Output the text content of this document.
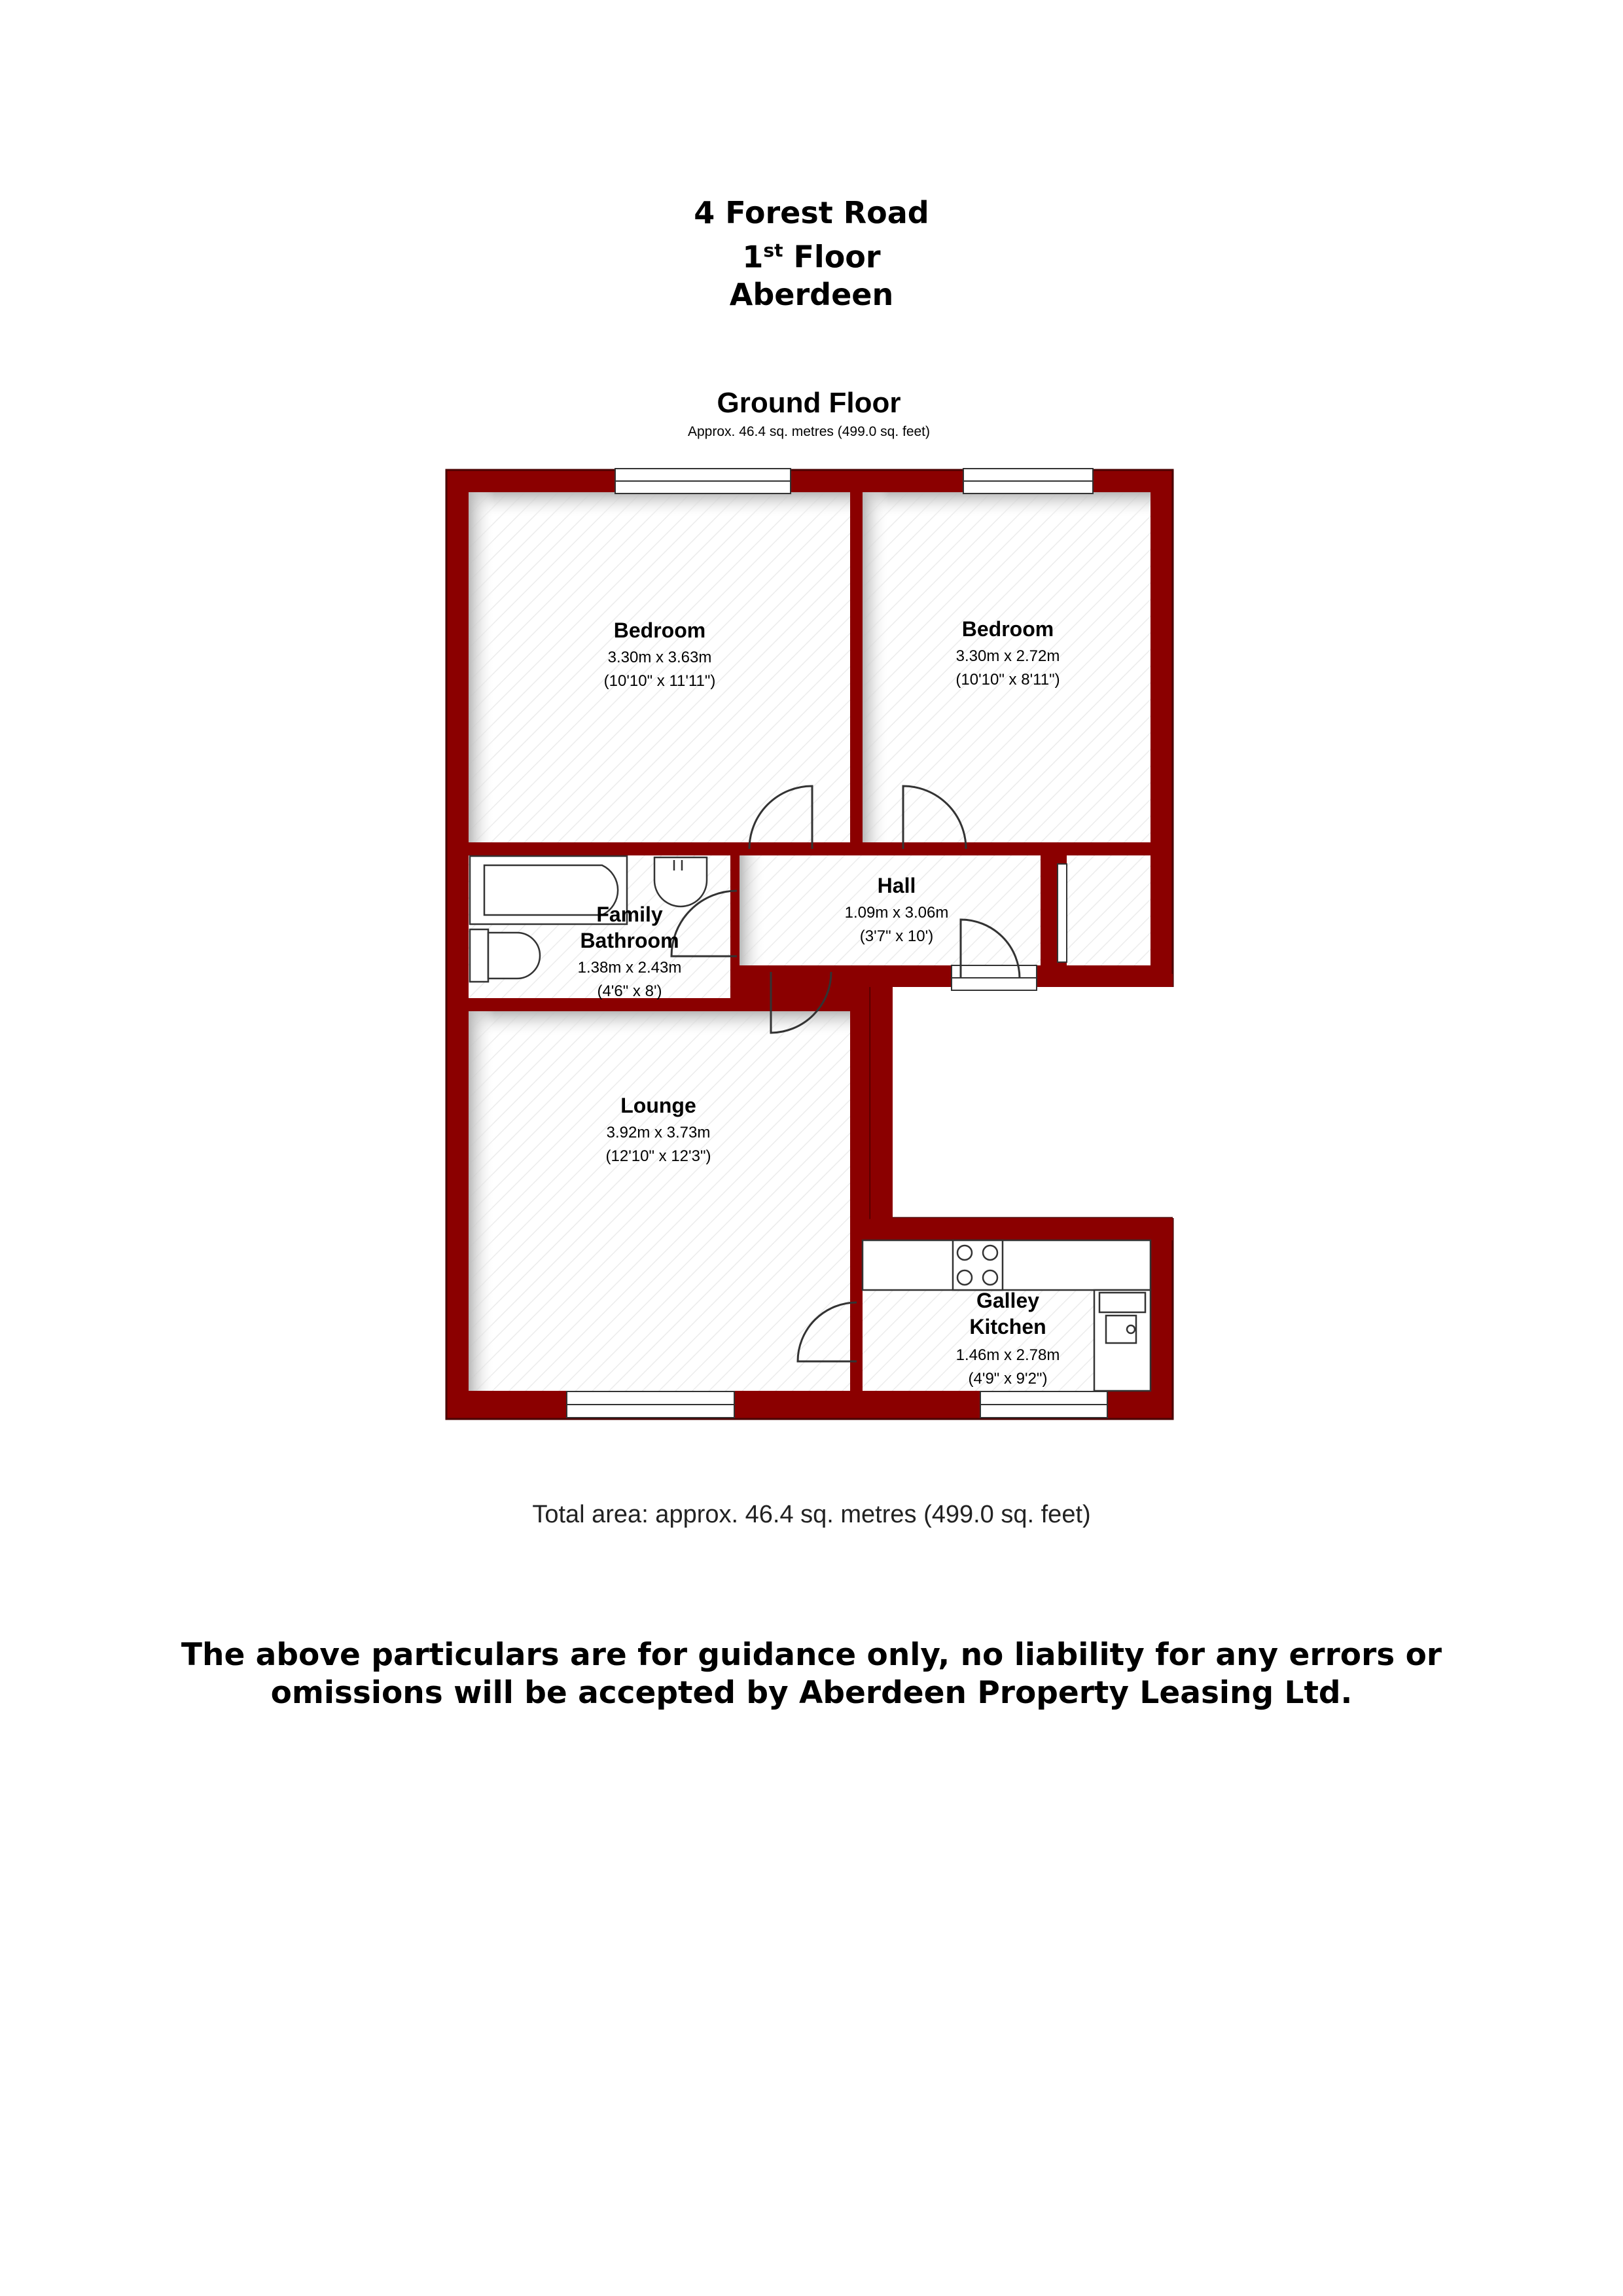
4 Forest Road
1st Floor
Aberdeen
Ground Floor
Approx. 46.4 sq. metres (499.0 sq. feet)
Bedroom
3.30m x 3.63m
(10'10" x 11'11")
Bedroom
3.30m x 2.72m
(10'10" x 8'11")
Hall
1.09m x 3.06m
(3'7" x 10')
Family
Bathroom
1.38m x 2.43m
(4'6" x 8')
Lounge
3.92m x 3.73m
(12'10" x 12'3")
Galley
Kitchen
1.46m x 2.78m
(4'9" x 9'2")
Total area: approx. 46.4 sq. metres (499.0 sq. feet)
The above particulars are for guidance only, no liability for any errors or
omissions will be accepted by Aberdeen Property Leasing Ltd.
